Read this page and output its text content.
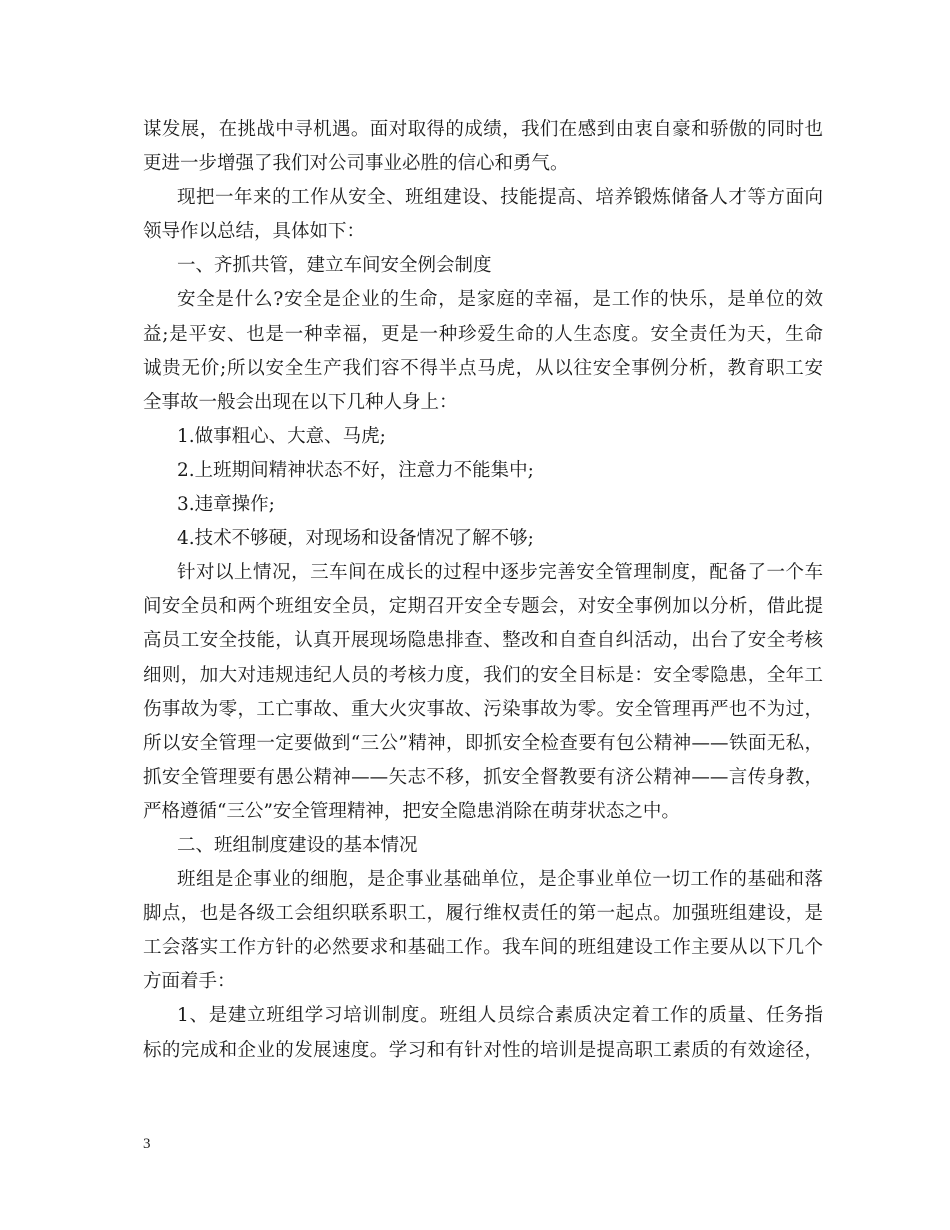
谋发展，在挑战中寻机遇。面对取得的成绩，我们在感到由衷自豪和骄傲的同时也
更进一步增强了我们对公司事业必胜的信心和勇气。
现把一年来的工作从安全、班组建设、技能提高、培养锻炼储备人才等方面向
领导作以总结，具体如下：
一、齐抓共管，建立车间安全例会制度
安全是什么?安全是企业的生命，是家庭的幸福，是工作的快乐，是单位的效
益;是平安、也是一种幸福，更是一种珍爱生命的人生态度。安全责任为天，生命
诚贵无价;所以安全生产我们容不得半点马虎，从以往安全事例分析，教育职工安
全事故一般会出现在以下几种人身上：
1.做事粗心、大意、马虎;
2.上班期间精神状态不好，注意力不能集中;
3.违章操作;
4.技术不够硬，对现场和设备情况了解不够;
针对以上情况，三车间在成长的过程中逐步完善安全管理制度，配备了一个车
间安全员和两个班组安全员，定期召开安全专题会，对安全事例加以分析，借此提
高员工安全技能，认真开展现场隐患排查、整改和自查自纠活动，出台了安全考核
细则，加大对违规违纪人员的考核力度，我们的安全目标是：安全零隐患，全年工
伤事故为零，工亡事故、重大火灾事故、污染事故为零。安全管理再严也不为过，
所以安全管理一定要做到“三公”精神，即抓安全检查要有包公精神——铁面无私，
抓安全管理要有愚公精神——矢志不移，抓安全督教要有济公精神——言传身教，
严格遵循“三公”安全管理精神，把安全隐患消除在萌芽状态之中。
二、班组制度建设的基本情况
班组是企事业的细胞，是企事业基础单位，是企事业单位一切工作的基础和落
脚点，也是各级工会组织联系职工，履行维权责任的第一起点。加强班组建设，是
工会落实工作方针的必然要求和基础工作。我车间的班组建设工作主要从以下几个
方面着手：
1、是建立班组学习培训制度。班组人员综合素质决定着工作的质量、任务指
标的完成和企业的发展速度。学习和有针对性的培训是提高职工素质的有效途径，
3
